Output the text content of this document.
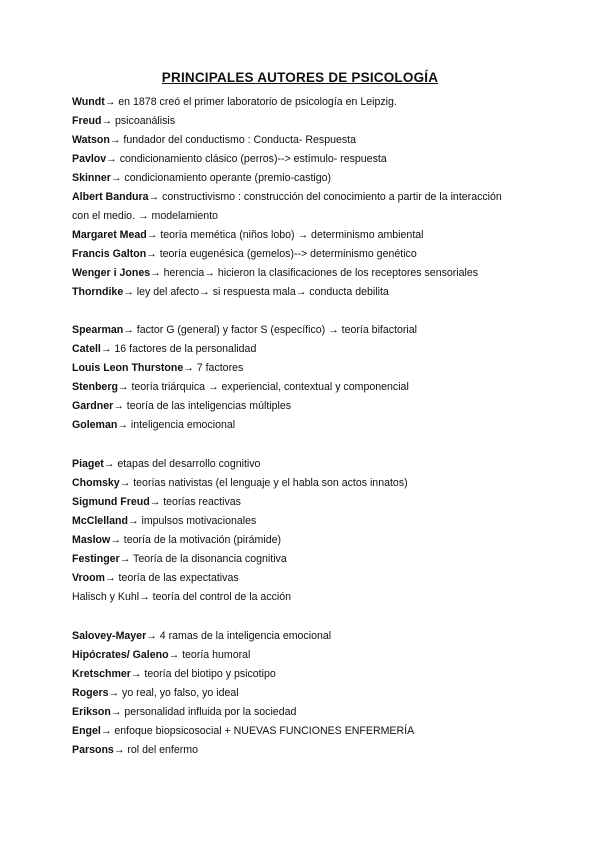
PRINCIPALES AUTORES DE PSICOLOGÍA
Wundt→ en 1878 creó el primer laboratorio de psicología en Leipzig.
Freud→ psicoanálisis
Watson→ fundador del conductismo : Conducta- Respuesta
Pavlov→ condicionamiento clásico (perros)--> estímulo- respuesta
Skinner→ condicionamiento operante (premio-castigo)
Albert Bandura→ constructivismo : construcción del conocimiento a partir de la interacción
con el medio. → modelamiento
Margaret Mead→ teoría memética (niños lobo) → determinismo ambiental
Francis Galton→ teoría eugenésica (gemelos)--> determinismo genético
Wenger i Jones→ herencia→ hicieron la clasificaciones de los receptores sensoriales
Thorndike→ ley del afecto→ si respuesta mala→ conducta debilita
Spearman→ factor G (general) y factor S (específico) → teoría bifactorial
Catell→ 16 factores de la personalidad
Louis Leon Thurstone→ 7 factores
Stenberg→ teoría triárquica → experiencial, contextual y componencial
Gardner→ teoría de las inteligencias múltiples
Goleman→ inteligencia emocional
Piaget→ etapas del desarrollo cognitivo
Chomsky→ teorías nativistas (el lenguaje y el habla son actos innatos)
Sigmund Freud→ teorías reactivas
McClelland→ impulsos motivacionales
Maslow→ teoría de la motivación (pirámide)
Festinger→ Teoría de la disonancia cognitiva
Vroom→ teoría de las expectativas
Halisch y Kuhl→ teoría del control de la acción
Salovey-Mayer→ 4 ramas de la inteligencia emocional
Hipócrates/ Galeno→ teoría humoral
Kretschmer→ teoría del biotipo y psicotipo
Rogers→ yo real, yo falso, yo ideal
Erikson→ personalidad influida por la sociedad
Engel→ enfoque biopsicosocial + NUEVAS FUNCIONES ENFERMERÍA
Parsons→ rol del enfermo
